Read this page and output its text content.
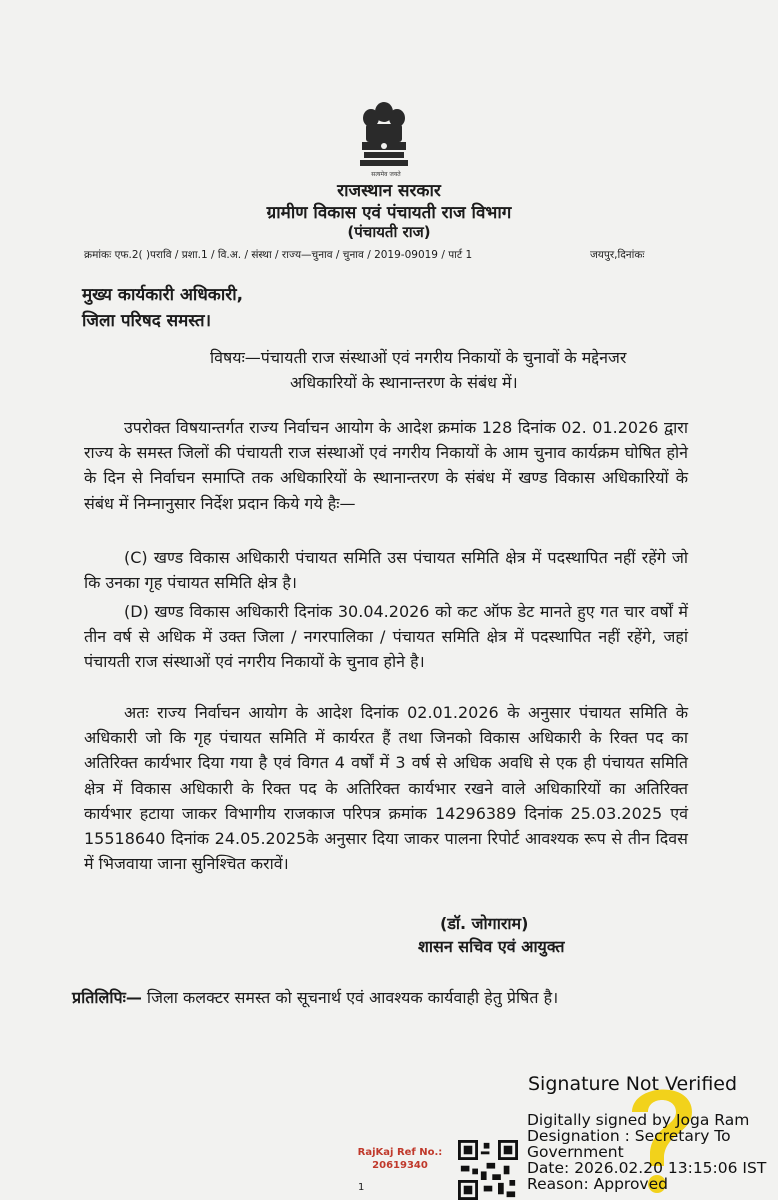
सत्यमेव जयते
राजस्थान सरकार
ग्रामीण विकास एवं पंचायती राज विभाग
(पंचायती राज)
क्रमांकः एफ.2( )परावि / प्रशा.1 / वि.अ. / संस्था / राज्य—चुनाव / चुनाव / 2019-09019 / पार्ट 1	जयपुर,दिनांकः
मुख्य कार्यकारी अधिकारी,
जिला परिषद समस्त।
विषयः—पंचायती राज संस्थाओं एवं नगरीय निकायों के चुनावों के मद्देनजर
अधिकारियों के स्थानान्तरण के संबंध में।
उपरोक्त विषयान्तर्गत राज्य निर्वाचन आयोग के आदेश क्रमांक 128 दिनांक 02. 01.2026 द्वारा राज्य के समस्त जिलों की पंचायती राज संस्थाओं एवं नगरीय निकायों के आम चुनाव कार्यक्रम घोषित होने के दिन से निर्वाचन समाप्ति तक अधिकारियों के स्थानान्तरण के संबंध में खण्ड विकास अधिकारियों के संबंध में निम्नानुसार निर्देश प्रदान किये गये हैः—
(C) खण्ड विकास अधिकारी पंचायत समिति उस पंचायत समिति क्षेत्र में पदस्थापित नहीं रहेंगे जो कि उनका गृह पंचायत समिति क्षेत्र है।
(D) खण्ड विकास अधिकारी दिनांक 30.04.2026 को कट ऑफ डेट मानते हुए गत चार वर्षों में तीन वर्ष से अधिक में उक्त जिला / नगरपालिका / पंचायत समिति क्षेत्र में पदस्थापित नहीं रहेंगे, जहां पंचायती राज संस्थाओं एवं नगरीय निकायों के चुनाव होने है।
अतः राज्य निर्वाचन आयोग के आदेश दिनांक 02.01.2026 के अनुसार पंचायत समिति के अधिकारी जो कि गृह पंचायत समिति में कार्यरत हैं तथा जिनको विकास अधिकारी के रिक्त पद का अतिरिक्त कार्यभार दिया गया है एवं विगत 4 वर्षों में 3 वर्ष से अधिक अवधि से एक ही पंचायत समिति क्षेत्र में विकास अधिकारी के रिक्त पद के अतिरिक्त कार्यभार रखने वाले अधिकारियों का अतिरिक्त कार्यभार हटाया जाकर विभागीय राजकाज परिपत्र क्रमांक 14296389 दिनांक 25.03.2025 एवं 15518640 दिनांक 24.05.2025के अनुसार दिया जाकर पालना रिपोर्ट आवश्यक रूप से तीन दिवस में भिजवाया जाना सुनिश्चित करावें।
(डॉ. जोगाराम)
शासन सचिव एवं आयुक्त
प्रतिलिपिः— जिला कलक्टर समस्त को सूचनार्थ एवं आवश्यक कार्यवाही हेतु प्रेषित है।
Signature Not Verified
Digitally signed by Joga Ram
Designation : Secretary To
Government
Date: 2026.02.20 13:15:06 IST
Reason: Approved
RajKaj Ref No.:
20619340
1
